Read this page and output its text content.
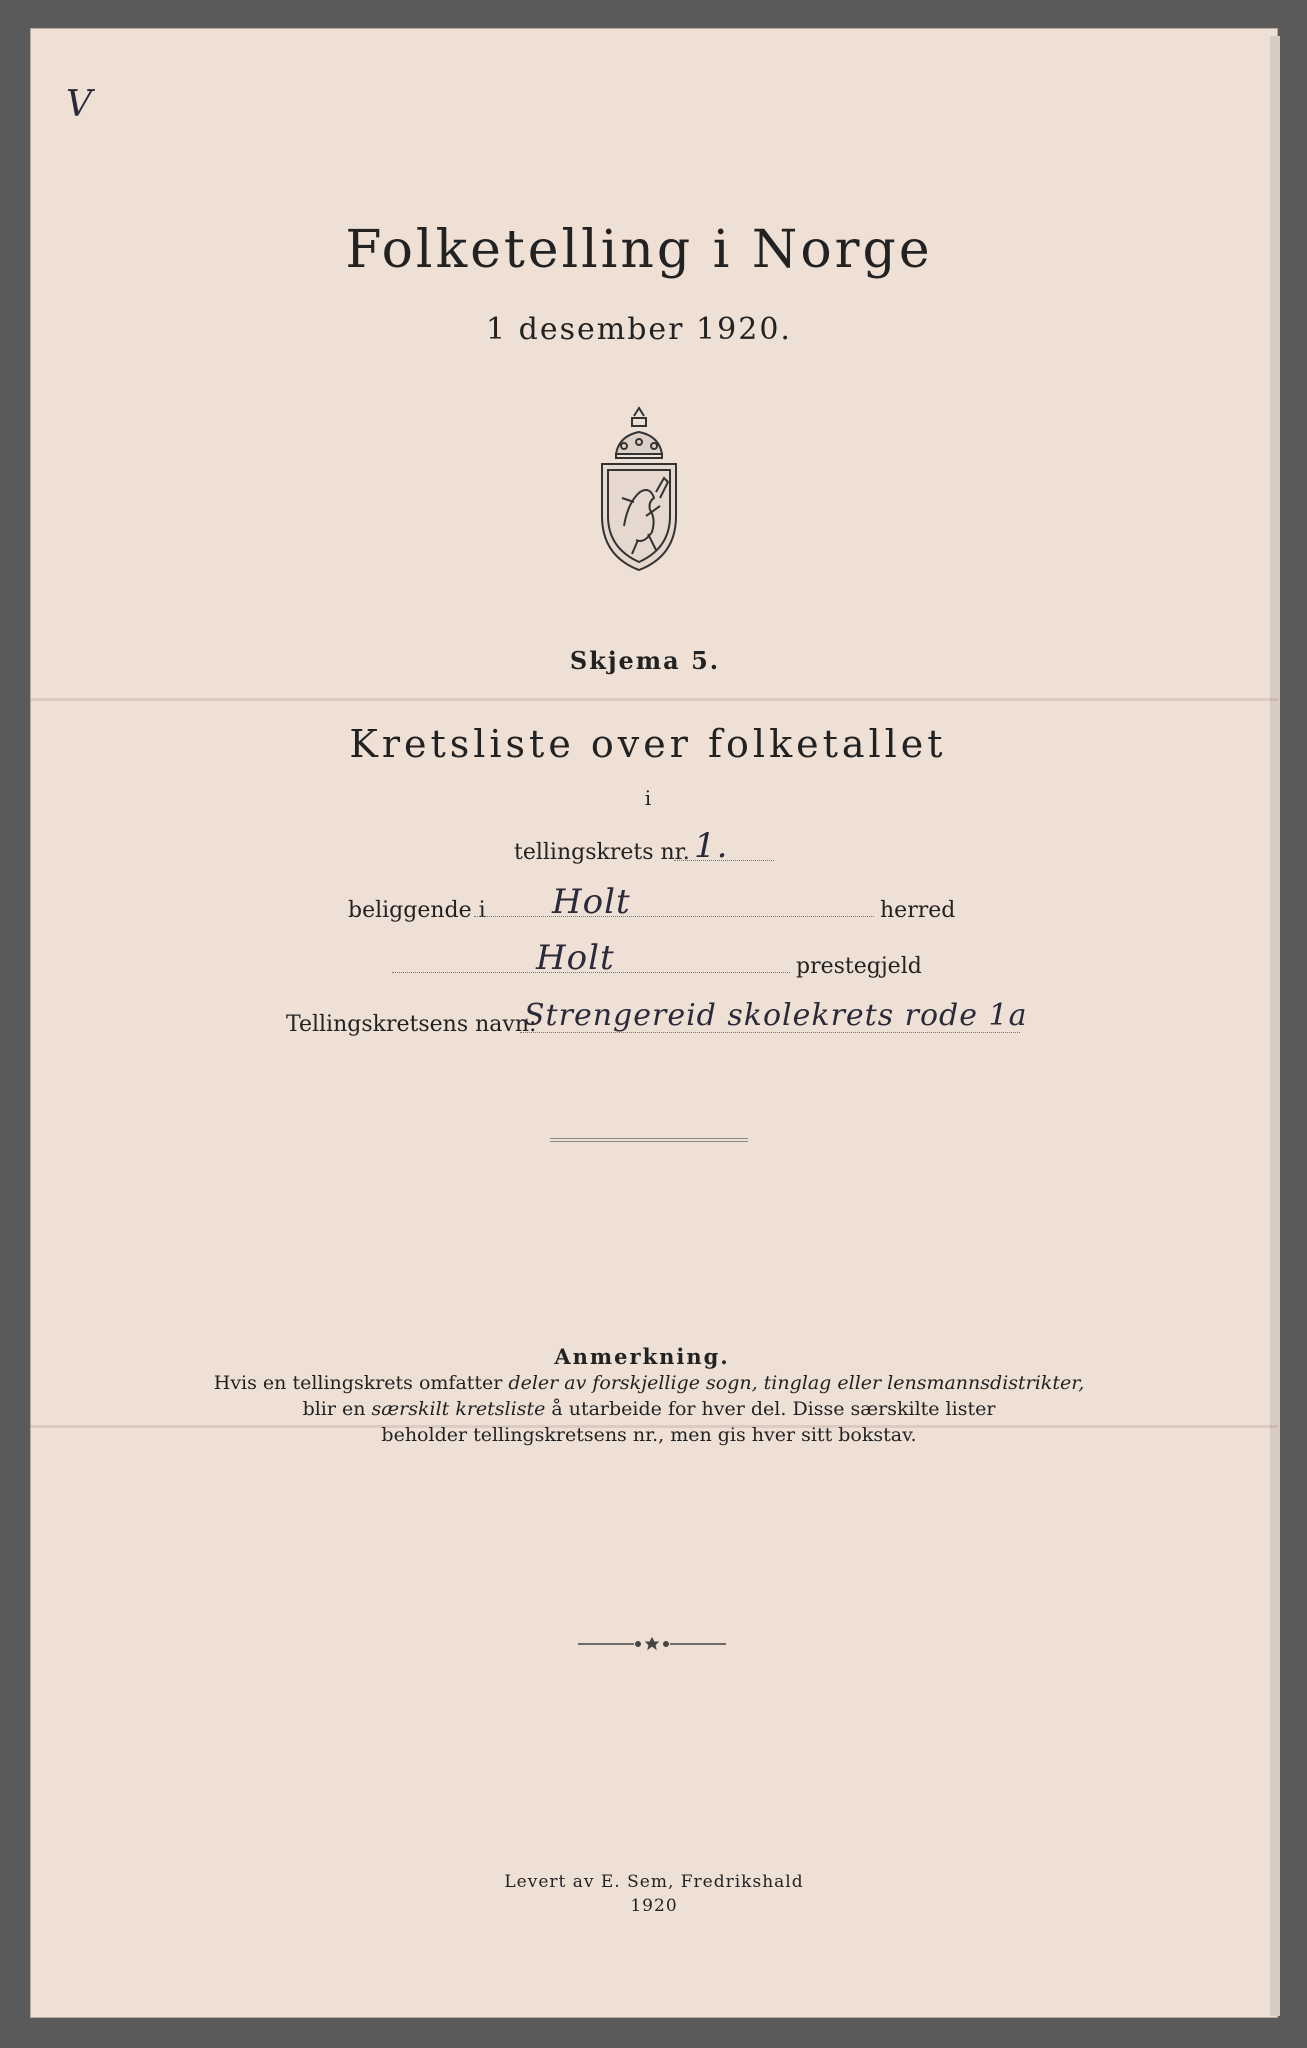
V
Folketelling i Norge
1 desember 1920.
Skjema 5.
Kretsliste over folketallet
i
tellingskrets nr. 1.
beliggende i Holt	herred
Holt	prestegjeld
Tellingskretsens navn:
Strengereid skolekrets rode 1a
Anmerkning.
Hvis en tellingskrets omfatter deler av forskjellige sogn, tinglag eller lensmannsdistrikter,
blir en særskilt kretsliste å utarbeide for hver del. Disse særskilte lister
beholder tellingskretsens nr., men gis hver sitt bokstav.
Levert av E. Sem, Fredrikshald
1920
